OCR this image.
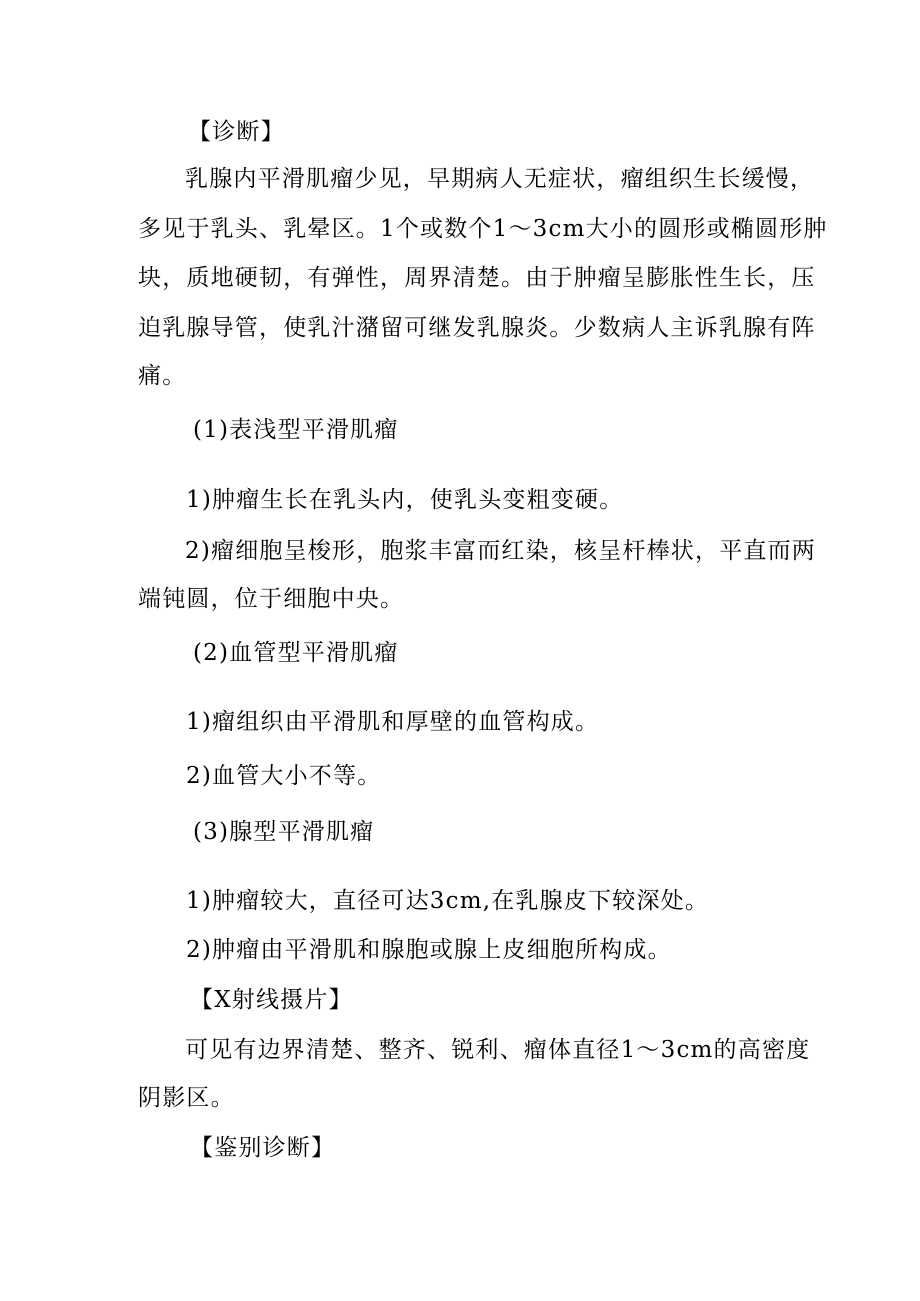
【诊断】
乳腺内平滑肌瘤少见，早期病人无症状，瘤组织生长缓慢，
多见于乳头、乳晕区。1个或数个1～3cm大小的圆形或椭圆形肿
块，质地硬韧，有弹性，周界清楚。由于肿瘤呈膨胀性生长，压
迫乳腺导管，使乳汁潴留可继发乳腺炎。少数病人主诉乳腺有阵
痛。
(1)表浅型平滑肌瘤
1)肿瘤生长在乳头内，使乳头变粗变硬。
2)瘤细胞呈梭形，胞浆丰富而红染，核呈杆棒状，平直而两
端钝圆，位于细胞中央。
(2)血管型平滑肌瘤
1)瘤组织由平滑肌和厚壁的血管构成。
2)血管大小不等。
(3)腺型平滑肌瘤
1)肿瘤较大，直径可达3cm,在乳腺皮下较深处。
2)肿瘤由平滑肌和腺胞或腺上皮细胞所构成。
【X射线摄片】
可见有边界清楚、整齐、锐利、瘤体直径1～3cm的高密度
阴影区。
【鉴别诊断】
